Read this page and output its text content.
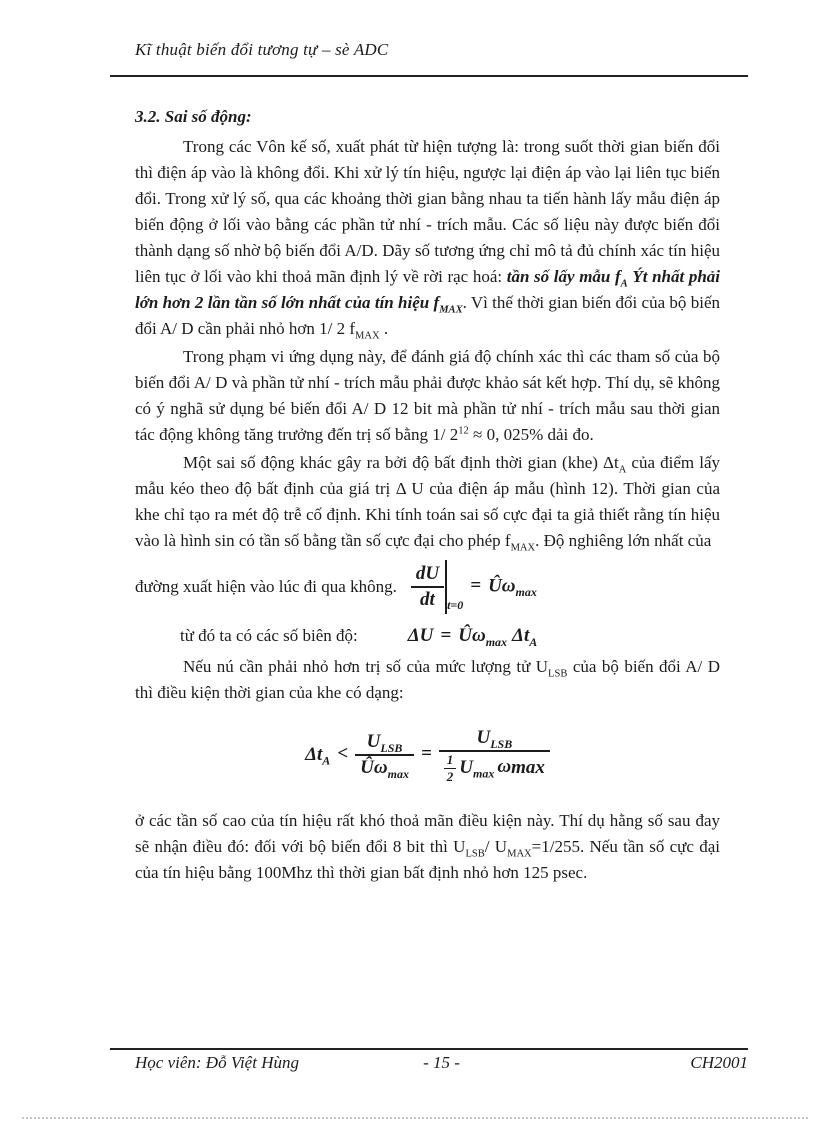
Kĩ thuật biến đổi tương tự – sè ADC
3.2. Sai số động:

Trong các Vôn kế số, xuất phát từ hiện tượng là: trong suốt thời gian biến đổi thì điện áp vào là không đổi. Khi xử lý tín hiệu, ngược lại điện áp vào lại liên tục biến đổi. Trong xử lý số, qua các khoảng thời gian bằng nhau ta tiến hành lấy mẫu điện áp biến động ở lối vào bằng các phần tử nhí - trích mẫu. Các số liệu này được biến đổi thành dạng số nhờ bộ biến đổi A/D. Dãy số tương ứng chỉ mô tả đủ chính xác tín hiệu liên tục ở lối vào khi thoả mãn định lý về rời rạc hoá: tần số lấy mẫu $f_A$ Ýt nhất phải lớn hơn 2 lần tần số lớn nhất của tín hiệu $f_{MAX}$. Vì thế thời gian biến đổi của bộ biến đổi A/ D cần phải nhỏ hơn 1/ 2 $f_{MAX}$ .

Trong phạm vi ứng dụng này, để đánh giá độ chính xác thì các tham số của bộ biến đổi A/ D và phần tử nhí - trích mẫu phải được khảo sát kết hợp. Thí dụ, sẽ không có ý nghã sử dụng bé biến đổi A/ D 12 bit mà phần tử nhí - trích mẫu sau thời gian tác động không tăng trưởng đến trị số bằng 1/ $2^{12} \approx 0$, 025% dải đo.

Một sai số động khác gây ra bởi độ bất định thời gian (khe) $\Delta t_A$ của điểm lấy mẫu kéo theo độ bất định của giá trị Δ U của điện áp mẫu (hình 12). Thời gian của khe chỉ tạo ra mét độ trễ cố định. Khi tính toán sai số cực đại ta giả thiết rằng tín hiệu vào là hình sin có tần số bằng tần số cực đại cho phép $f_{MAX}$. Độ nghiêng lớn nhất của

đường xuất hiện vào lúc đi qua không. $\frac{dU}{dt} t=0$
= $Û\omega_{max}$
từ đó ta có các số biên độ:	$\Delta U = Û\omega_{max}$ $\Delta t_A$

Nếu nú cần phải nhỏ hơn trị số của mức lượng tử $U_{LSB}$ của bộ biến đổi A/ D thì điều kiện thời gian của khe có dạng:

$\Delta t_A < \frac{U_{LSB}}{Û\omega_{max}} = \frac{U_{LSB}}{\frac{1}{2} U_{max} \omega\max}$

ở các tần số cao của tín hiệu rất khó thoả mãn điều kiện này. Thí dụ hằng số sau đay sẽ nhận điều đó: đối với bộ biến đổi 8 bit thì $U_{LSB}/$ $U_{MAX}=1/255$. Nếu tần số cực đại của tín hiệu bằng 100Mhz thì thời gian bất định nhỏ hơn 125 psec.

Học viên: Đỗ Việt Hùng	- 15 -	CH2001
